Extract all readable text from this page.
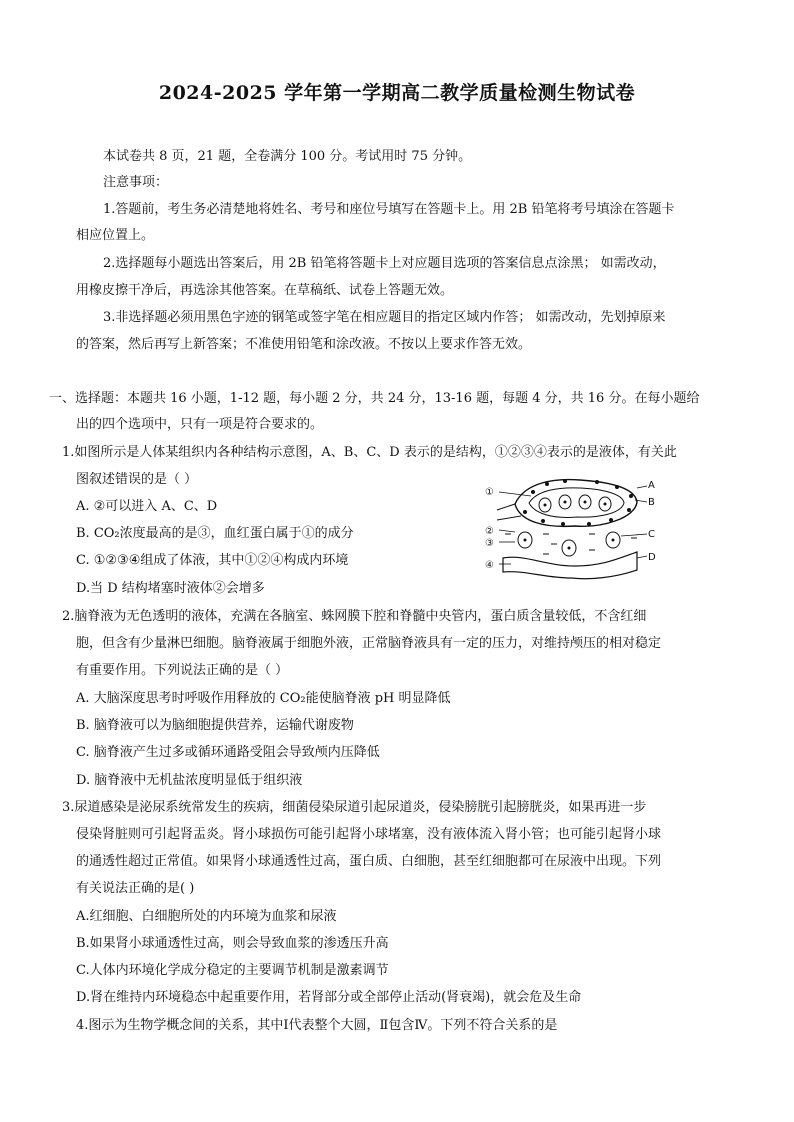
2024-2025 学年第一学期高二教学质量检测生物试卷
本试卷共 8 页，21 题，全卷满分 100 分。考试用时 75 分钟。
注意事项：
1.答题前，考生务必清楚地将姓名、考号和座位号填写在答题卡上。用 2B 铅笔将考号填涂在答题卡
相应位置上。
2.选择题每小题选出答案后，用 2B 铅笔将答题卡上对应题目选项的答案信息点涂黑； 如需改动，
用橡皮擦干净后，再选涂其他答案。在草稿纸、试卷上答题无效。
3.非选择题必须用黑色字迹的钢笔或签字笔在相应题目的指定区域内作答； 如需改动，先划掉原来
的答案，然后再写上新答案；不准使用铅笔和涂改液。不按以上要求作答无效。
一、选择题：本题共 16 小题，1-12 题，每小题 2 分，共 24 分，13-16 题，每题 4 分，共 16 分。在每小题给
出的四个选项中，只有一项是符合要求的。
1.如图所示是人体某组织内各种结构示意图，A、B、C、D 表示的是结构，①②③④表示的是液体，有关此
图叙述错误的是（ ）
A. ②可以进入 A、C、D
B. CO₂浓度最高的是③，血红蛋白属于①的成分
C. ①②③④组成了体液，其中①②④构成内环境
D.当 D 结构堵塞时液体②会增多
①
②
③
④
A
B
C
D
2.脑脊液为无色透明的液体，充满在各脑室、蛛网膜下腔和脊髓中央管内，蛋白质含量较低，不含红细
胞，但含有少量淋巴细胞。脑脊液属于细胞外液，正常脑脊液具有一定的压力，对维持颅压的相对稳定
有重要作用。下列说法正确的是（ ）
A. 大脑深度思考时呼吸作用释放的 CO₂能使脑脊液 pH 明显降低
B. 脑脊液可以为脑细胞提供营养，运输代谢废物
C. 脑脊液产生过多或循环通路受阻会导致颅内压降低
D. 脑脊液中无机盐浓度明显低于组织液
3.尿道感染是泌尿系统常发生的疾病，细菌侵染尿道引起尿道炎，侵染膀胱引起膀胱炎，如果再进一步
侵染肾脏则可引起肾盂炎。肾小球损伤可能引起肾小球堵塞，没有液体流入肾小管；也可能引起肾小球
的通透性超过正常值。如果肾小球通透性过高，蛋白质、白细胞，甚至红细胞都可在尿液中出现。下列
有关说法正确的是( )
A.红细胞、白细胞所处的内环境为血浆和尿液
B.如果肾小球通透性过高，则会导致血浆的渗透压升高
C.人体内环境化学成分稳定的主要调节机制是激素调节
D.肾在维持内环境稳态中起重要作用，若肾部分或全部停止活动(肾衰竭)，就会危及生命
4.图示为生物学概念间的关系，其中Ⅰ代表整个大圆，Ⅱ包含Ⅳ。下列不符合关系的是
